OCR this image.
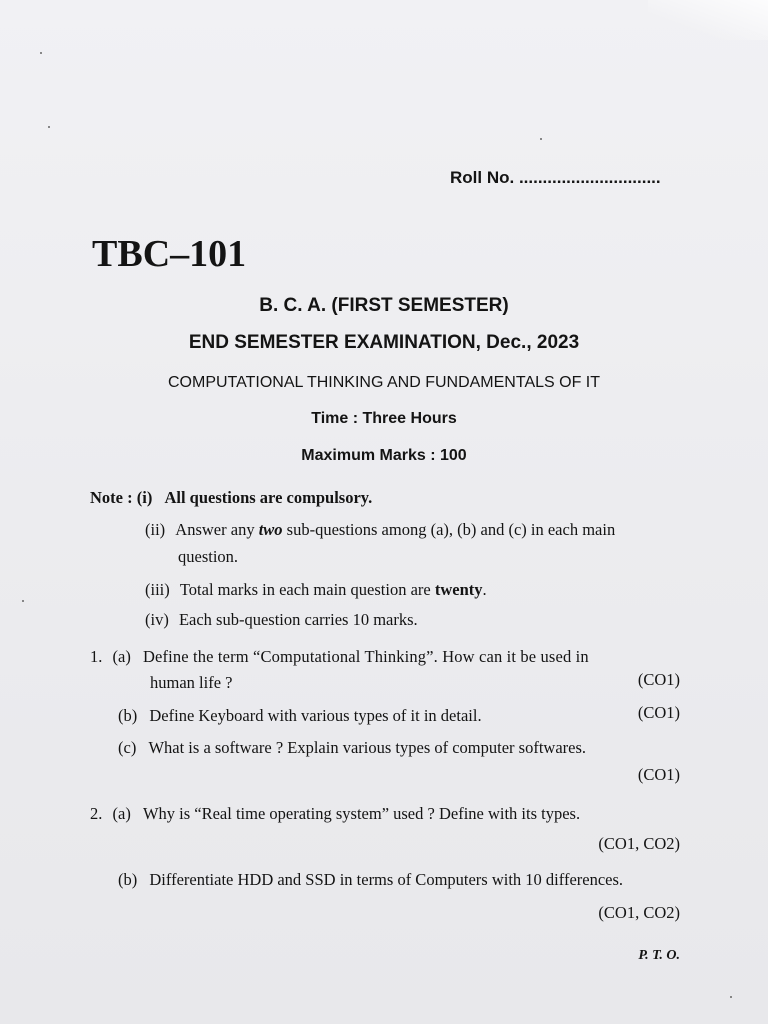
Roll No. ..............................
TBC–101
B. C. A. (FIRST SEMESTER)
END SEMESTER EXAMINATION, Dec., 2023
COMPUTATIONAL THINKING AND FUNDAMENTALS OF IT
Time : Three Hours
Maximum Marks : 100
Note : (i) All questions are compulsory.
(ii) Answer any two sub-questions among (a), (b) and (c) in each main
question.
(iii) Total marks in each main question are twenty.
(iv) Each sub-question carries 10 marks.
1. (a) Define the term “Computational Thinking”. How can it be used in
human life ?	(CO1)
(b) Define Keyboard with various types of it in detail.	(CO1)
(c) What is a software ? Explain various types of computer softwares.
(CO1)
2. (a) Why is “Real time operating system” used ? Define with its types.
(CO1, CO2)
(b) Differentiate HDD and SSD in terms of Computers with 10 differences.
(CO1, CO2)
P. T. O.
